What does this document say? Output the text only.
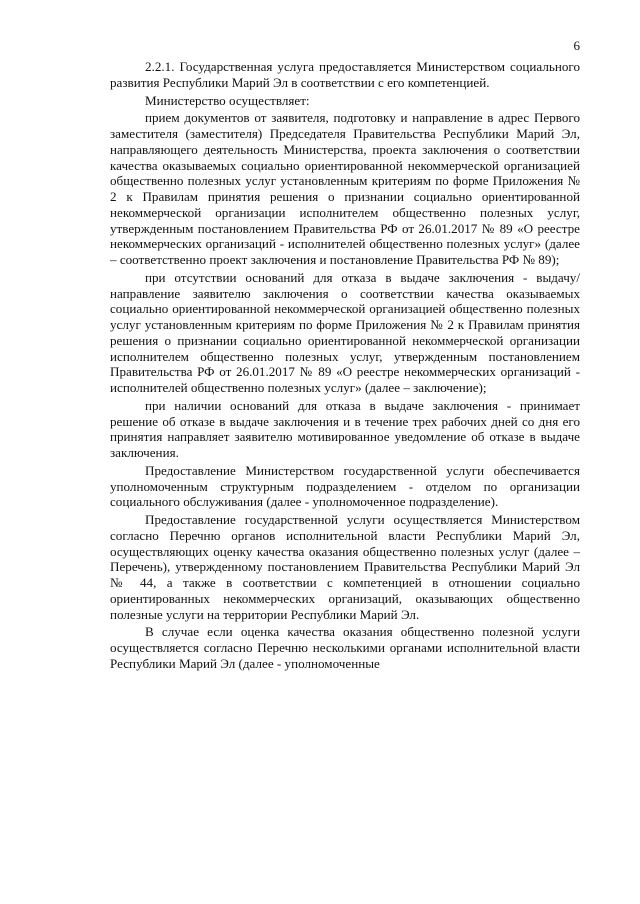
6

2.2.1. Государственная услуга предоставляется Министерством социального развития Республики Марий Эл в соответствии с его компетенцией.

Министерство осуществляет:

прием документов от заявителя, подготовку и направление в адрес Первого заместителя (заместителя) Председателя Правительства Республики Марий Эл, направляющего деятельность Министерства, проекта заключения о соответствии качества оказываемых социально ориентированной некоммерческой организацией общественно полезных услуг установленным критериям по форме Приложения № 2 к Правилам принятия решения о признании социально ориентированной некоммерческой организации исполнителем общественно полезных услуг, утвержденным постановлением Правительства РФ от 26.01.2017 № 89 «О реестре некоммерческих организаций - исполнителей общественно полезных услуг» (далее – соответственно проект заключения и постановление Правительства РФ № 89);

при отсутствии оснований для отказа в выдаче заключения - выдачу/направление заявителю заключения о соответствии качества оказываемых социально ориентированной некоммерческой организацией общественно полезных услуг установленным критериям по форме Приложения № 2 к Правилам принятия решения о признании социально ориентированной некоммерческой организации исполнителем общественно полезных услуг, утвержденным постановлением Правительства РФ от 26.01.2017 № 89 «О реестре некоммерческих организаций - исполнителей общественно полезных услуг» (далее – заключение);

при наличии оснований для отказа в выдаче заключения - принимает решение об отказе в выдаче заключения и в течение трех рабочих дней со дня его принятия направляет заявителю мотивированное уведомление об отказе в выдаче заключения.

Предоставление Министерством государственной услуги обеспечивается уполномоченным структурным подразделением - отделом по организации социального обслуживания (далее - уполномоченное подразделение).

Предоставление государственной услуги осуществляется Министерством согласно Перечню органов исполнительной власти Республики Марий Эл, осуществляющих оценку качества оказания общественно полезных услуг (далее – Перечень), утвержденному постановлением Правительства Республики Марий Эл № 44, а также в соответствии с компетенцией в отношении социально ориентированных некоммерческих организаций, оказывающих общественно полезные услуги на территории Республики Марий Эл.

В случае если оценка качества оказания общественно полезной услуги осуществляется согласно Перечню несколькими органами исполнительной власти Республики Марий Эл (далее - уполномоченные
